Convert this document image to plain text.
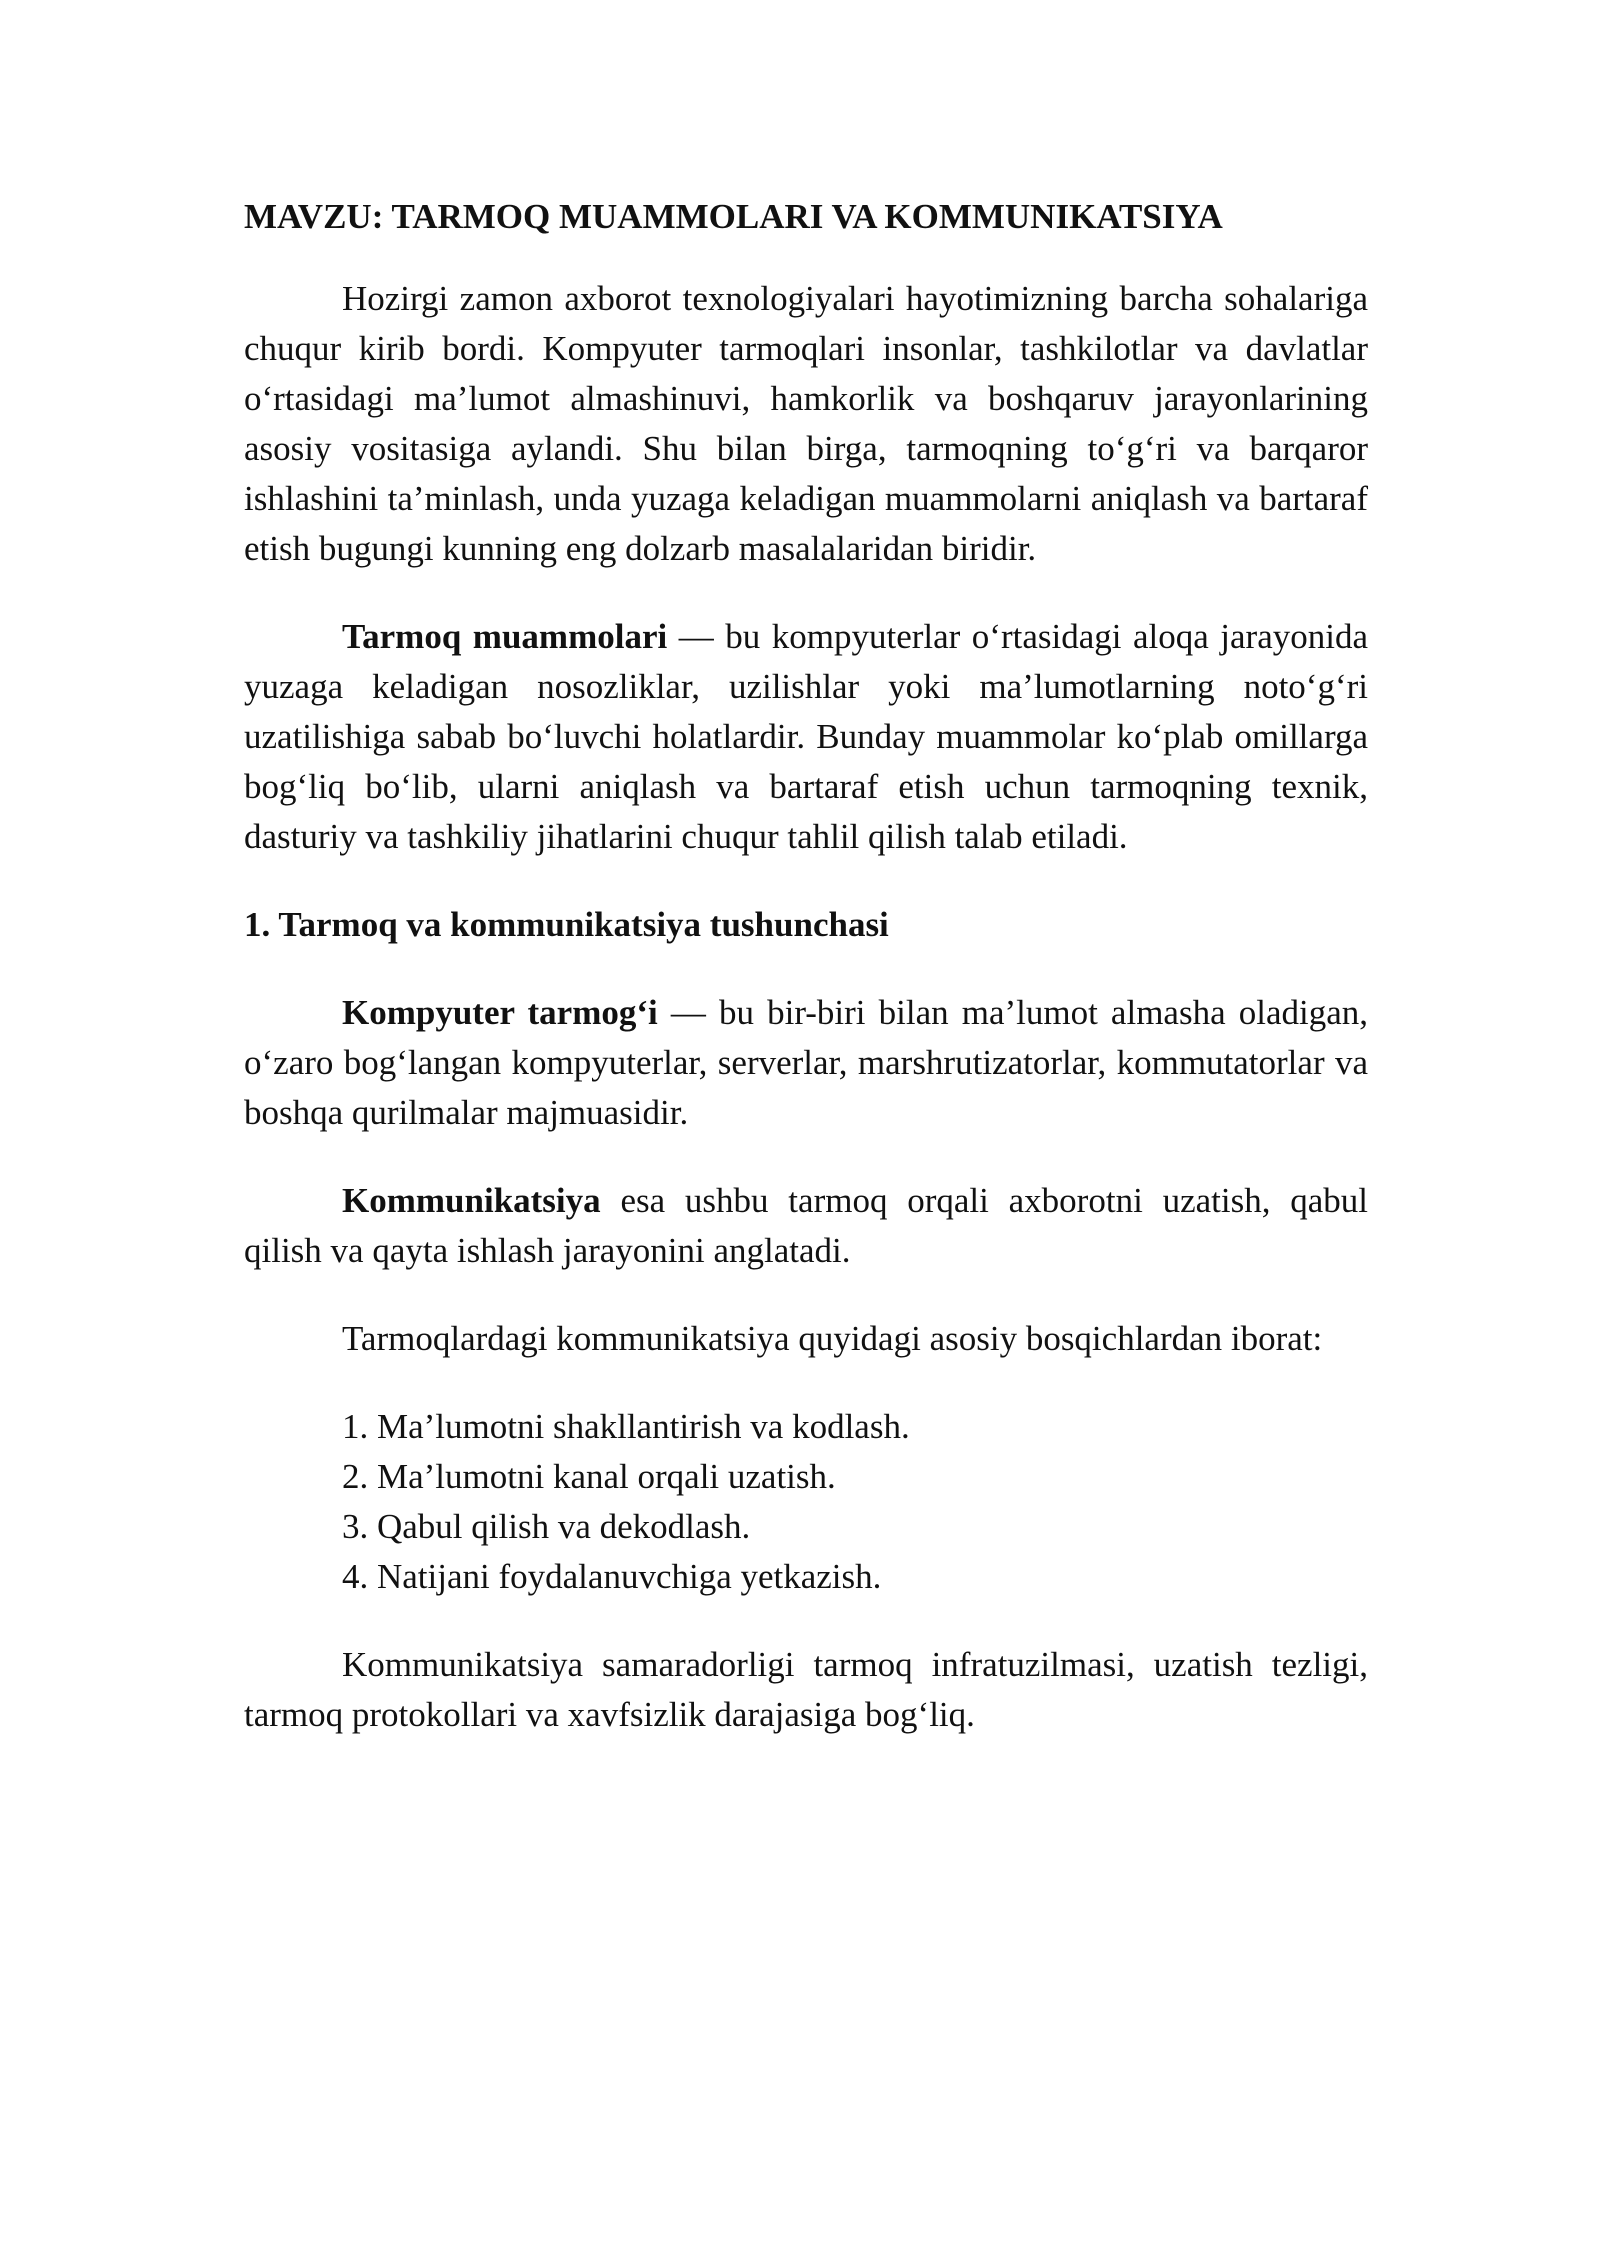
MAVZU: TARMOQ MUAMMOLARI VA KOMMUNIKATSIYA

Hozirgi zamon axborot texnologiyalari hayotimizning barcha sohalariga chuqur kirib bordi. Kompyuter tarmoqlari insonlar, tashkilotlar va davlatlar o‘rtasidagi ma’lumot almashinuvi, hamkorlik va boshqaruv jarayonlarining asosiy vositasiga aylandi. Shu bilan birga, tarmoqning to‘g‘ri va barqaror ishlashini ta’minlash, unda yuzaga keladigan muammolarni aniqlash va bartaraf etish bugungi kunning eng dolzarb masalalaridan biridir.

Tarmoq muammolari — bu kompyuterlar o‘rtasidagi aloqa jarayonida yuzaga keladigan nosozliklar, uzilishlar yoki ma’lumotlarning noto‘g‘ri uzatilishiga sabab bo‘luvchi holatlardir. Bunday muammolar ko‘plab omillarga bog‘liq bo‘lib, ularni aniqlash va bartaraf etish uchun tarmoqning texnik, dasturiy va tashkiliy jihatlarini chuqur tahlil qilish talab etiladi.

1. Tarmoq va kommunikatsiya tushunchasi

Kompyuter tarmog‘i — bu bir-biri bilan ma’lumot almasha oladigan, o‘zaro bog‘langan kompyuterlar, serverlar, marshrutizatorlar, kommutatorlar va boshqa qurilmalar majmuasidir.

Kommunikatsiya esa ushbu tarmoq orqali axborotni uzatish, qabul qilish va qayta ishlash jarayonini anglatadi.

Tarmoqlardagi kommunikatsiya quyidagi asosiy bosqichlardan iborat:

1. Ma’lumotni shakllantirish va kodlash.
2. Ma’lumotni kanal orqali uzatish.
3. Qabul qilish va dekodlash.
4. Natijani foydalanuvchiga yetkazish.

Kommunikatsiya samaradorligi tarmoq infratuzilmasi, uzatish tezligi, tarmoq protokollari va xavfsizlik darajasiga bog‘liq.
